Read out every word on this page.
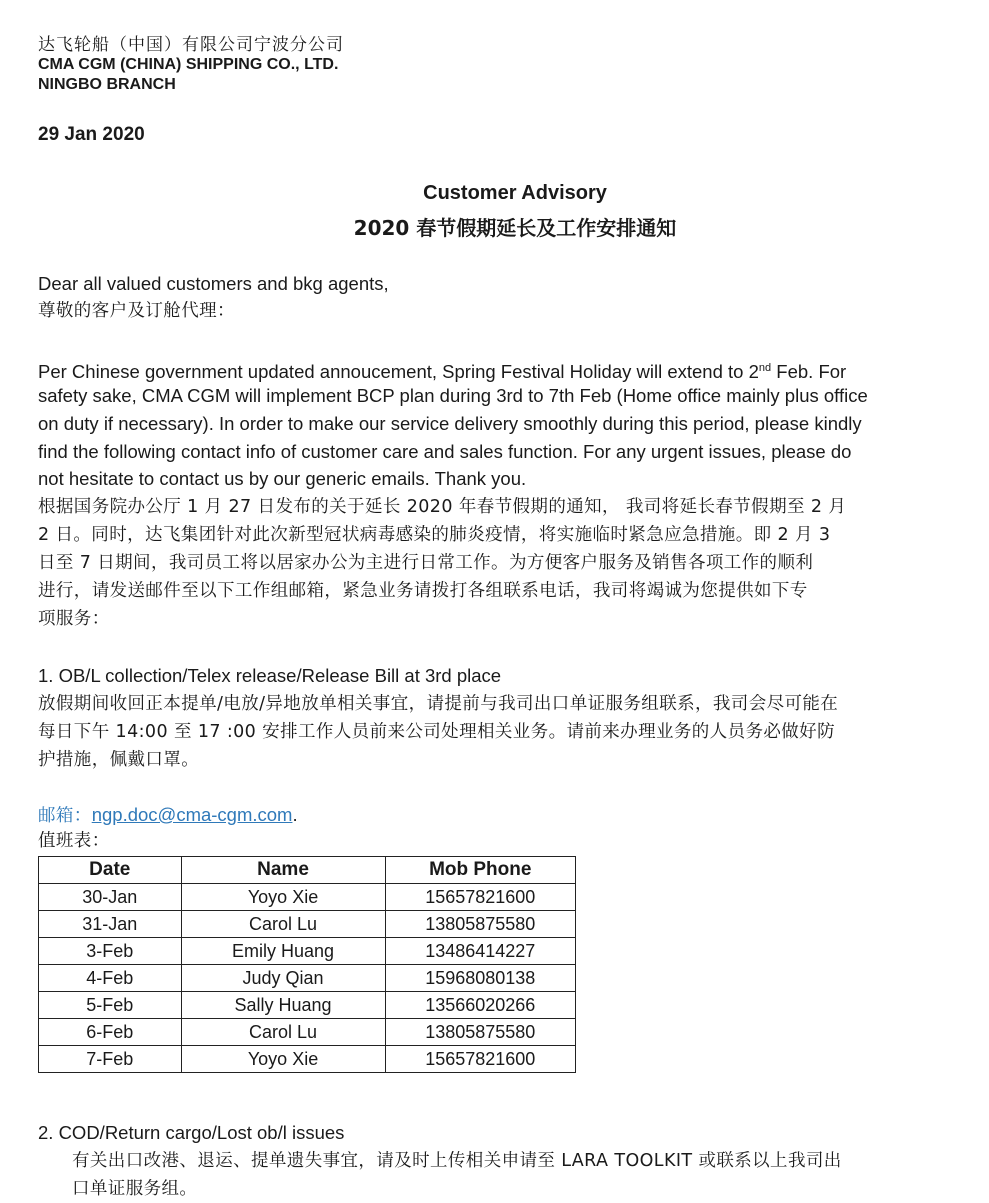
达飞轮船（中国）有限公司宁波分公司
CMA CGM (CHINA) SHIPPING CO., LTD.
NINGBO BRANCH
29 Jan 2020
Customer Advisory
2020 春节假期延长及工作安排通知
Dear all valued customers and bkg agents,
尊敬的客户及订舱代理：
Per Chinese government updated annoucement, Spring Festival Holiday will extend to 2nd Feb. For
safety sake, CMA CGM will implement BCP plan during 3rd to 7th Feb (Home office mainly plus office
on duty if necessary). In order to make our service delivery smoothly during this period, please kindly
find the following contact info of customer care and sales function. For any urgent issues, please do
not hesitate to contact us by our generic emails. Thank you.
根据国务院办公厅 1 月 27 日发布的关于延长 2020 年春节假期的通知， 我司将延长春节假期至 2 月
2 日。同时，达飞集团针对此次新型冠状病毒感染的肺炎疫情，将实施临时紧急应急措施。即 2 月 3
日至 7 日期间，我司员工将以居家办公为主进行日常工作。为方便客户服务及销售各项工作的顺利
进行，请发送邮件至以下工作组邮箱，紧急业务请拨打各组联系电话，我司将竭诚为您提供如下专
项服务：
1. OB/L collection/Telex release/Release Bill at 3rd place
放假期间收回正本提单/电放/异地放单相关事宜，请提前与我司出口单证服务组联系，我司会尽可能在
每日下午 14:00 至 17 :00 安排工作人员前来公司处理相关业务。请前来办理业务的人员务必做好防
护措施，佩戴口罩。
邮箱：ngp.doc@cma-cgm.com.
值班表：
Date	Name	Mob Phone
30-Jan	Yoyo Xie	15657821600
31-Jan	Carol Lu	13805875580
3-Feb	Emily Huang	13486414227
4-Feb	Judy Qian	15968080138
5-Feb	Sally Huang	13566020266
6-Feb	Carol Lu	13805875580
7-Feb	Yoyo Xie	15657821600
2. COD/Return cargo/Lost ob/l issues
有关出口改港、退运、提单遗失事宜，请及时上传相关申请至 LARA TOOLKIT 或联系以上我司出
口单证服务组。
